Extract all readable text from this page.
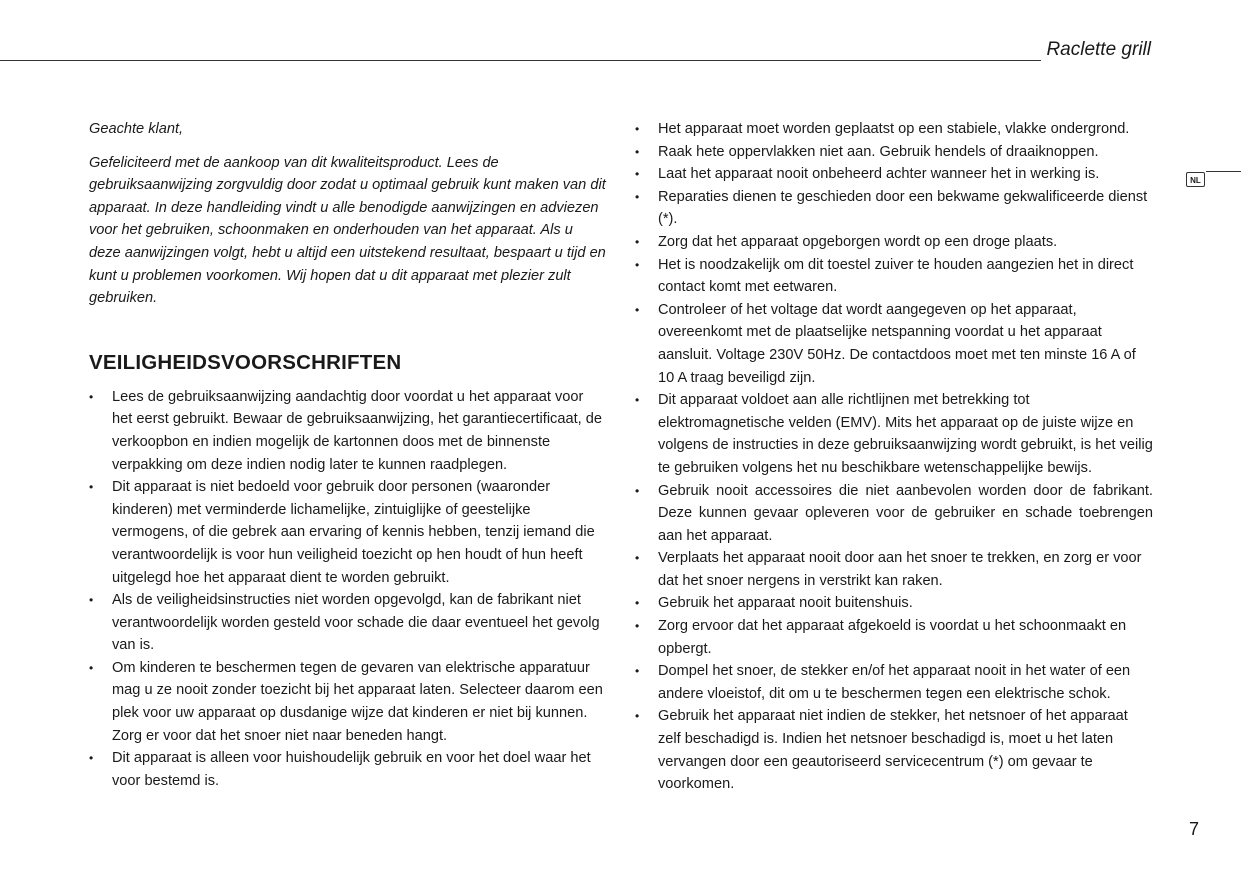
Raclette grill
NL

Geachte klant,

Gefeliciteerd met de aankoop van dit kwaliteitsproduct. Lees de gebruiksaanwijzing zorgvuldig door zodat u optimaal gebruik kunt maken van dit apparaat. In deze handleiding vindt u alle benodigde aanwijzingen en adviezen voor het gebruiken, schoonmaken en onderhouden van het apparaat. Als u deze aanwijzingen volgt, hebt u altijd een uitstekend resultaat, bespaart u tijd en kunt u problemen voorkomen. Wij hopen dat u dit apparaat met plezier zult gebruiken.

VEILIGHEIDSVOORSCHRIFTEN
• Lees de gebruiksaanwijzing aandachtig door voordat u het apparaat voor het eerst gebruikt. Bewaar de gebruiksaanwijzing, het garantiecertificaat, de verkoopbon en indien mogelijk de kartonnen doos met de binnenste verpakking om deze indien nodig later te kunnen raadplegen.
• Dit apparaat is niet bedoeld voor gebruik door personen (waaronder kinderen) met verminderde lichamelijke, zintuiglijke of geestelijke vermogens, of die gebrek aan ervaring of kennis hebben, tenzij iemand die verantwoordelijk is voor hun veiligheid toezicht op hen houdt of hun heeft uitgelegd hoe het apparaat dient te worden gebruikt.
• Als de veiligheidsinstructies niet worden opgevolgd, kan de fabrikant niet verantwoordelijk worden gesteld voor schade die daar eventueel het gevolg van is.
• Om kinderen te beschermen tegen de gevaren van elektrische apparatuur mag u ze nooit zonder toezicht bij het apparaat laten. Selecteer daarom een plek voor uw apparaat op dusdanige wijze dat kinderen er niet bij kunnen. Zorg er voor dat het snoer niet naar beneden hangt.
• Dit apparaat is alleen voor huishoudelijk gebruik en voor het doel waar het voor bestemd is.
• Het apparaat moet worden geplaatst op een stabiele, vlakke ondergrond.
• Raak hete oppervlakken niet aan. Gebruik hendels of draaiknoppen.
• Laat het apparaat nooit onbeheerd achter wanneer het in werking is.
• Reparaties dienen te geschieden door een bekwame gekwalificeerde dienst (*).
• Zorg dat het apparaat opgeborgen wordt op een droge plaats.
• Het is noodzakelijk om dit toestel zuiver te houden aangezien het in direct contact komt met eetwaren.
• Controleer of het voltage dat wordt aangegeven op het apparaat, overeenkomt met de plaatselijke netspanning voordat u het apparaat aansluit. Voltage 230V 50Hz. De contactdoos moet met ten minste 16 A of 10 A traag beveiligd zijn.
• Dit apparaat voldoet aan alle richtlijnen met betrekking tot elektromagnetische velden (EMV). Mits het apparaat op de juiste wijze en volgens de instructies in deze gebruiksaanwijzing wordt gebruikt, is het veilig te gebruiken volgens het nu beschikbare wetenschappelijke bewijs.
• Gebruik nooit accessoires die niet aanbevolen worden door de fabrikant. Deze kunnen gevaar opleveren voor de gebruiker en schade toebrengen aan het apparaat.
• Verplaats het apparaat nooit door aan het snoer te trekken, en zorg er voor dat het snoer nergens in verstrikt kan raken.
• Gebruik het apparaat nooit buitenshuis.
• Zorg ervoor dat het apparaat afgekoeld is voordat u het schoonmaakt en opbergt.
• Dompel het snoer, de stekker en/of het apparaat nooit in het water of een andere vloeistof, dit om u te beschermen tegen een elektrische schok.
• Gebruik het apparaat niet indien de stekker, het netsnoer of het apparaat zelf beschadigd is. Indien het netsnoer beschadigd is, moet u het laten vervangen door een geautoriseerd servicecentrum (*) om gevaar te voorkomen.
7
